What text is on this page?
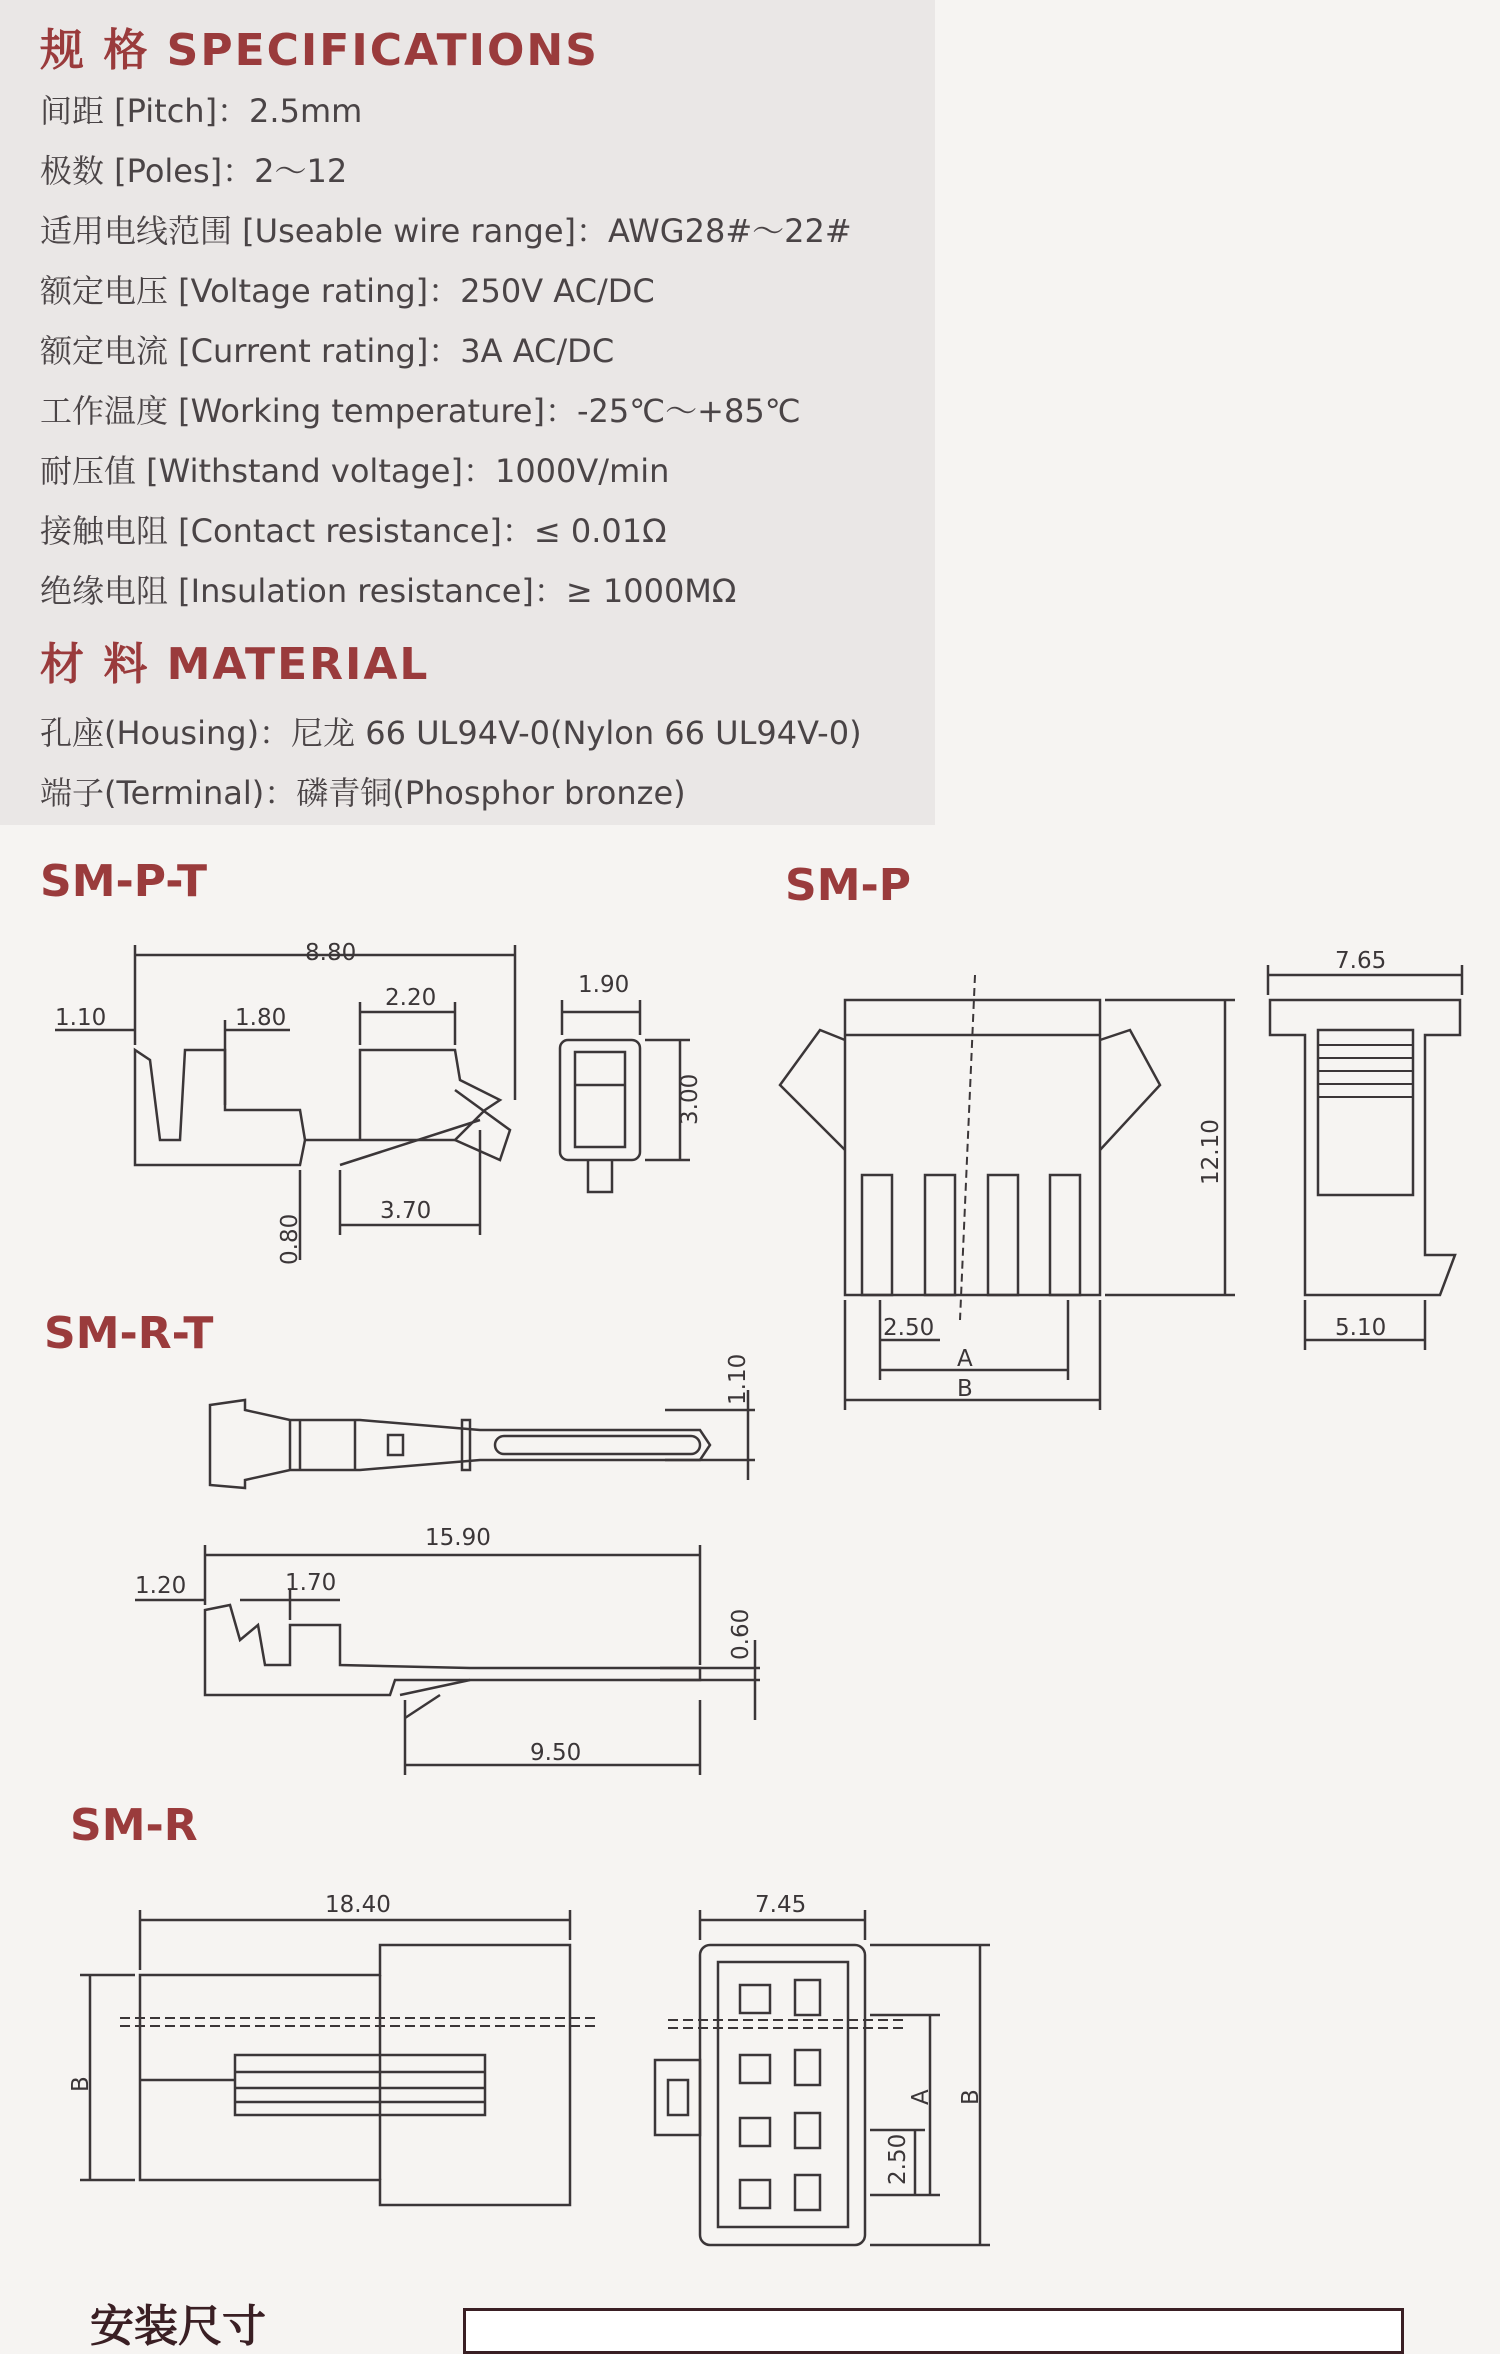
规 格 SPECIFICATIONS
间距 [Pitch]：2.5mm
极数 [Poles]：2～12
适用电线范围 [Useable wire range]：AWG28#～22#
额定电压 [Voltage rating]：250V AC/DC
额定电流 [Current rating]：3A AC/DC
工作温度 [Working temperature]：-25℃～+85℃
耐压值 [Withstand voltage]：1000V/min
接触电阻 [Contact resistance]：≤ 0.01Ω
绝缘电阻 [Insulation resistance]：≥ 1000MΩ
材 料 MATERIAL
孔座(Housing)：尼龙 66 UL94V-0(Nylon 66 UL94V-0)
端子(Terminal)：磷青铜(Phosphor bronze)
SM-P-T	SM-P
SM-R-T
SM-R
8.80
1.10	1.80
2.20
3.70
0.80
1.90
3.00
12.10
2.50
A
B
7.65
5.10
1.10
15.90
1.20	1.70
0.60
9.50
18.40
B
7.45
A B
2.50
安装尺寸
